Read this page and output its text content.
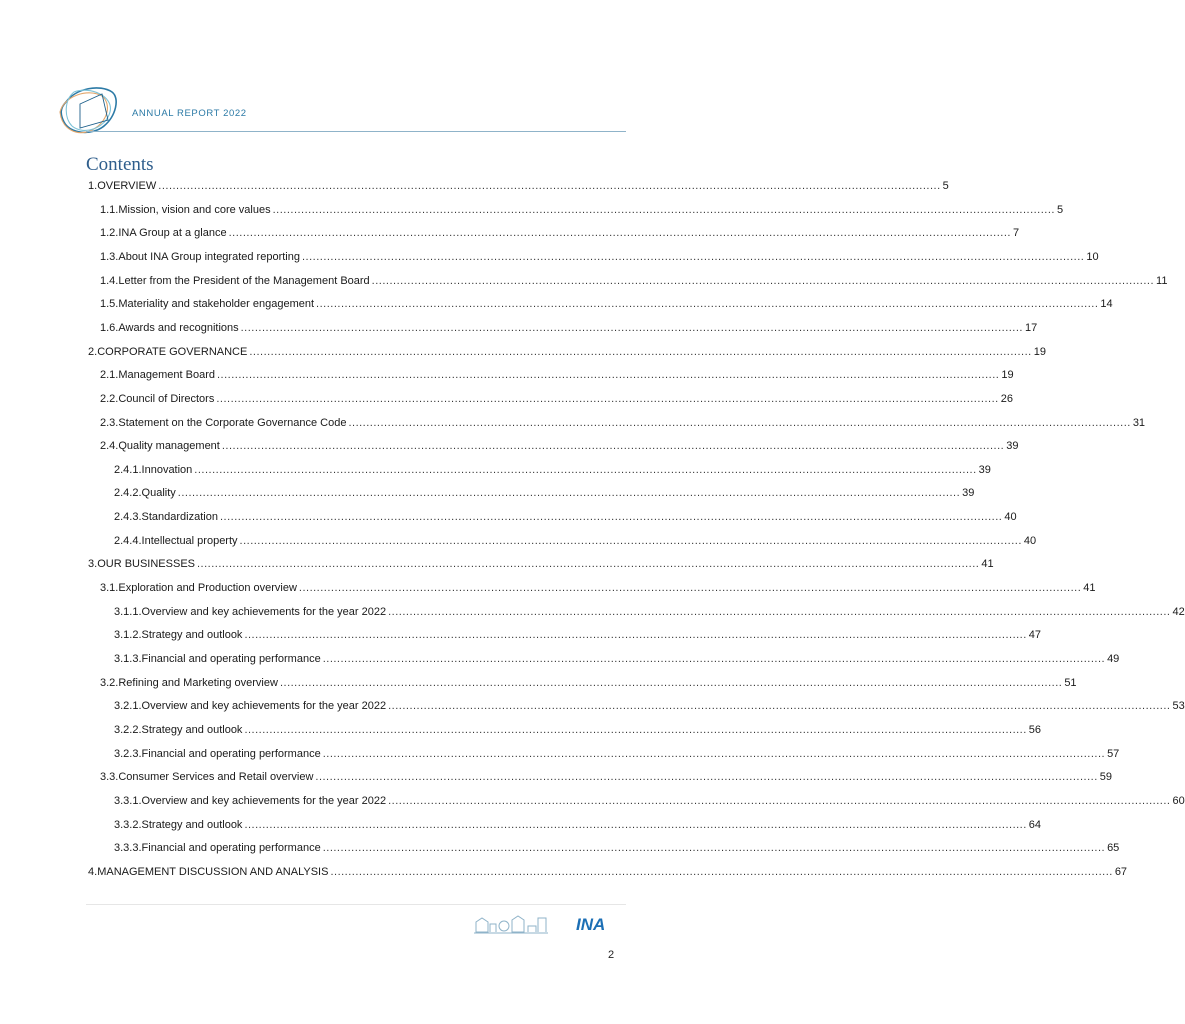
ANNUAL REPORT 2022
Contents
1. OVERVIEW ............................................................................................................................................................................................................................ 5
1.1. Mission, vision and core values ............................................................................................................................................................................................................................ 5
1.2. INA Group at a glance ............................................................................................................................................................................................................................ 7
1.3. About INA Group integrated reporting ............................................................................................................................................................................................................................ 10
1.4. Letter from the President of the Management Board ............................................................................................................................................................................................................................ 11
1.5. Materiality and stakeholder engagement ............................................................................................................................................................................................................................ 14
1.6. Awards and recognitions ............................................................................................................................................................................................................................ 17
2. CORPORATE GOVERNANCE ............................................................................................................................................................................................................................ 19
2.1. Management Board ............................................................................................................................................................................................................................ 19
2.2. Council of Directors ............................................................................................................................................................................................................................ 26
2.3. Statement on the Corporate Governance Code ............................................................................................................................................................................................................................ 31
2.4. Quality management ............................................................................................................................................................................................................................ 39
2.4.1. Innovation ............................................................................................................................................................................................................................ 39
2.4.2. Quality ............................................................................................................................................................................................................................ 39
2.4.3. Standardization ............................................................................................................................................................................................................................ 40
2.4.4. Intellectual property ............................................................................................................................................................................................................................ 40
3. OUR BUSINESSES ............................................................................................................................................................................................................................ 41
3.1. Exploration and Production overview ............................................................................................................................................................................................................................ 41
3.1.1. Overview and key achievements for the year 2022 ............................................................................................................................................................................................................................ 42
3.1.2. Strategy and outlook ............................................................................................................................................................................................................................ 47
3.1.3. Financial and operating performance ............................................................................................................................................................................................................................ 49
3.2. Refining and Marketing overview ............................................................................................................................................................................................................................ 51
3.2.1. Overview and key achievements for the year 2022 ............................................................................................................................................................................................................................ 53
3.2.2. Strategy and outlook ............................................................................................................................................................................................................................ 56
3.2.3. Financial and operating performance ............................................................................................................................................................................................................................ 57
3.3. Consumer Services and Retail overview ............................................................................................................................................................................................................................ 59
3.3.1. Overview and key achievements for the year 2022 ............................................................................................................................................................................................................................ 60
3.3.2. Strategy and outlook ............................................................................................................................................................................................................................ 64
3.3.3. Financial and operating performance ............................................................................................................................................................................................................................ 65
4. MANAGEMENT DISCUSSION AND ANALYSIS ............................................................................................................................................................................................................................ 67
INA
2
